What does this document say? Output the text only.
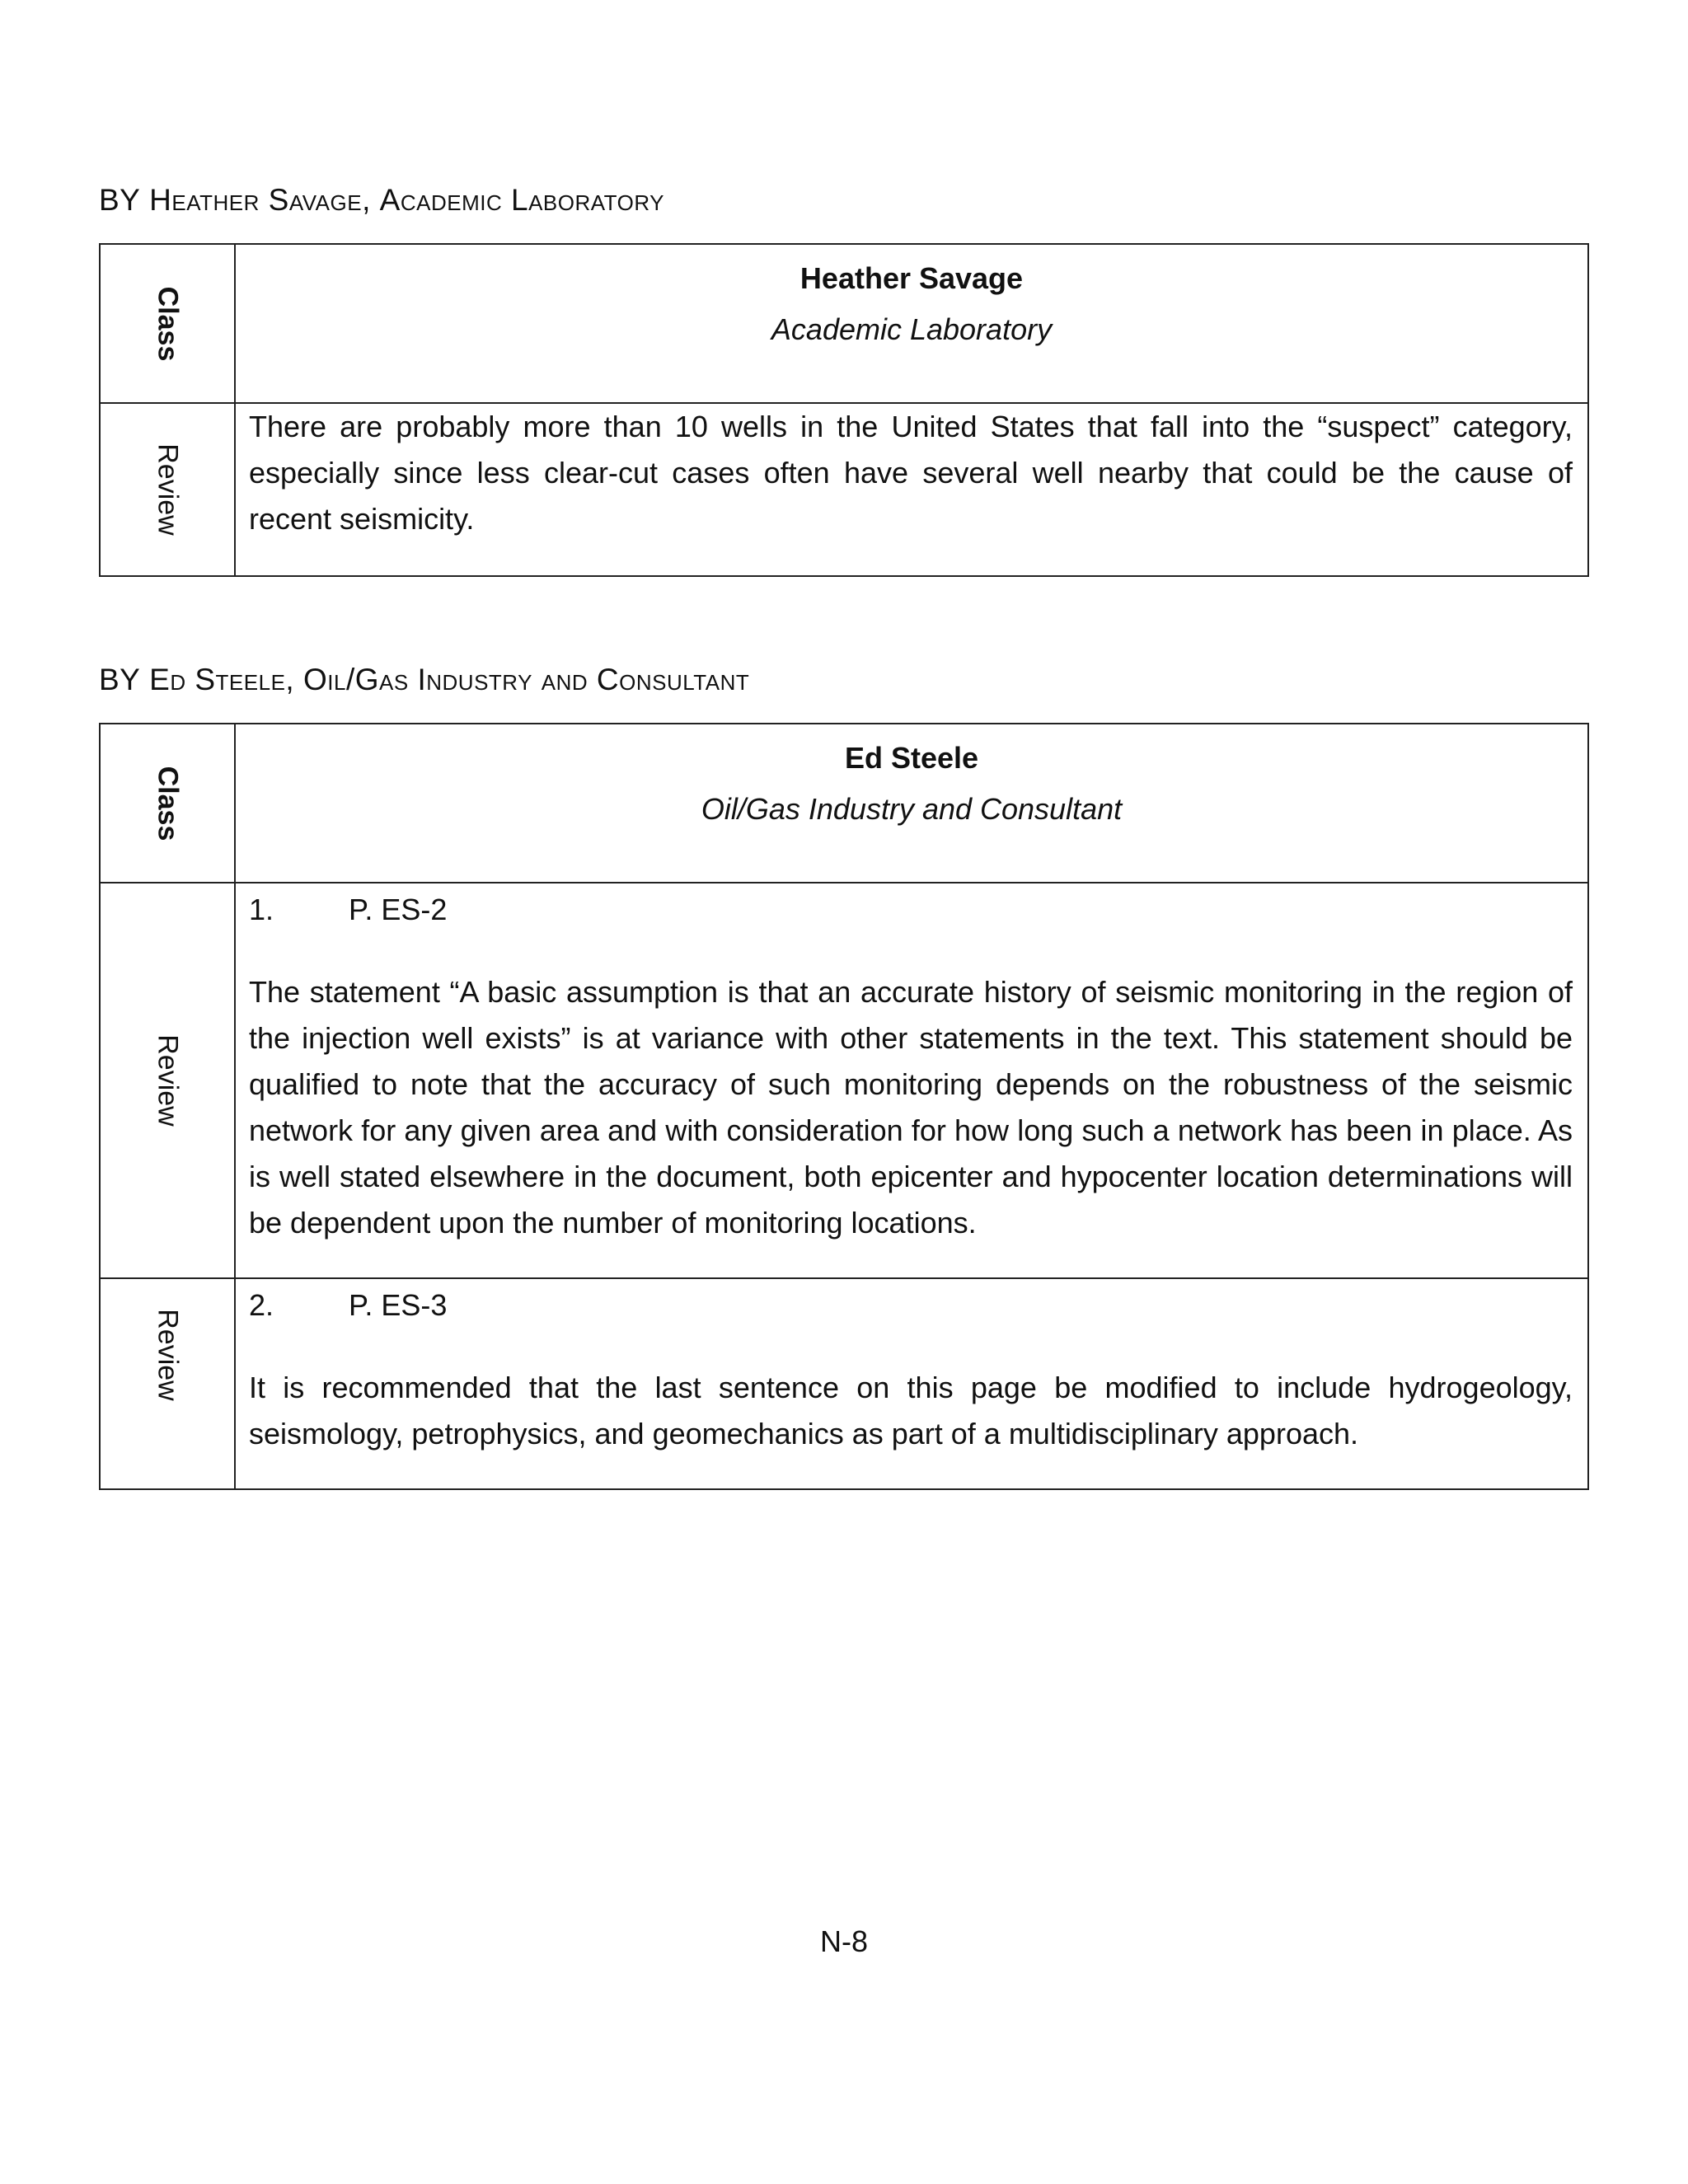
BY Heather Savage, Academic Laboratory
Class	Heather Savage
Academic Laboratory

Review	There are probably more than 10 wells in the United States that fall into the “suspect” category, especially since less clear-cut cases often have several well nearby that could be the cause of recent seismicity.
BY Ed Steele, Oil/Gas Industry and Consultant
Class	Ed Steele
Oil/Gas Industry and Consultant

Review	1. P. ES-2
The statement “A basic assumption is that an accurate history of seismic monitoring in the region of the injection well exists” is at variance with other statements in the text. This statement should be qualified to note that the accuracy of such monitoring depends on the robustness of the seismic network for any given area and with consideration for how long such a network has been in place. As is well stated elsewhere in the document, both epicenter and hypocenter location determinations will be dependent upon the number of monitoring locations.

Review	2. P. ES-3
It is recommended that the last sentence on this page be modified to include hydrogeology, seismology, petrophysics, and geomechanics as part of a multidisciplinary approach.
N-8
